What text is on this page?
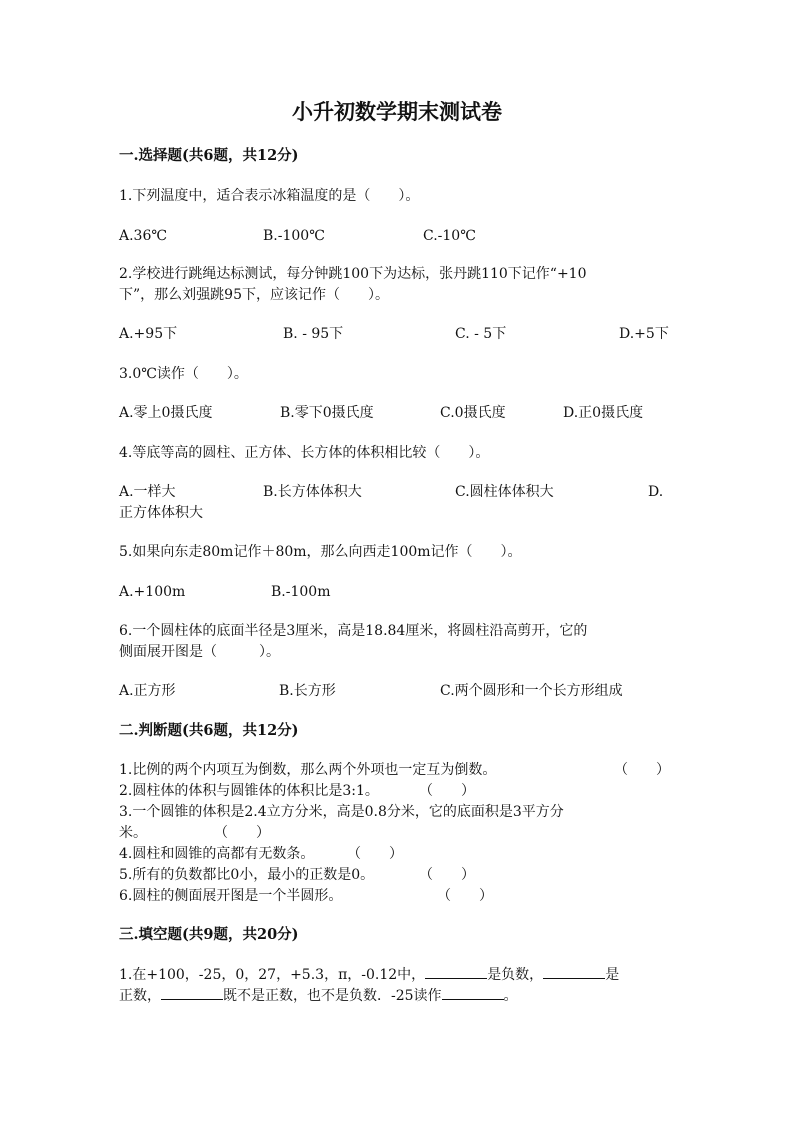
小升初数学期末测试卷
一.选择题(共6题，共12分)
1.下列温度中，适合表示冰箱温度的是（　　）。
A.36℃	B.-100℃	C.-10℃
2.学校进行跳绳达标测试，每分钟跳100下为达标，张丹跳110下记作“+10
下”，那么刘强跳95下，应该记作（　　）。
A.+95下	B. - 95下	C. - 5下	D.+5下
3.0℃读作（　　）。
A.零上0摄氏度	B.零下0摄氏度	C.0摄氏度	D.正0摄氏度
4.等底等高的圆柱、正方体、长方体的体积相比较（　　）。
A.一样大	B.长方体体积大	C.圆柱体体积大	D.
正方体体积大
5.如果向东走80m记作＋80m，那么向西走100m记作（　　）。
A.+100m	B.-100m
6.一个圆柱体的底面半径是3厘米，高是18.84厘米，将圆柱沿高剪开，它的
侧面展开图是（　　　）。
A.正方形	B.长方形	C.两个圆形和一个长方形组成
二.判断题(共6题，共12分)
1.比例的两个内项互为倒数，那么两个外项也一定互为倒数。	（　　）
2.圆柱体的体积与圆锥体的体积比是3:1。	（　　）
3.一个圆锥的体积是2.4立方分米，高是0.8分米，它的底面积是3平方分
米。	（　　）
4.圆柱和圆锥的高都有无数条。 （　　）
5.所有的负数都比0小，最小的正数是0。	（　　）
6.圆柱的侧面展开图是一个半圆形。	（　　）
三.填空题(共9题，共20分)
1.在+100，-25，0，27，+5.3，π，-0.12中，	是负数，	是
正数，	既不是正数，也不是负数．-25读作	。
